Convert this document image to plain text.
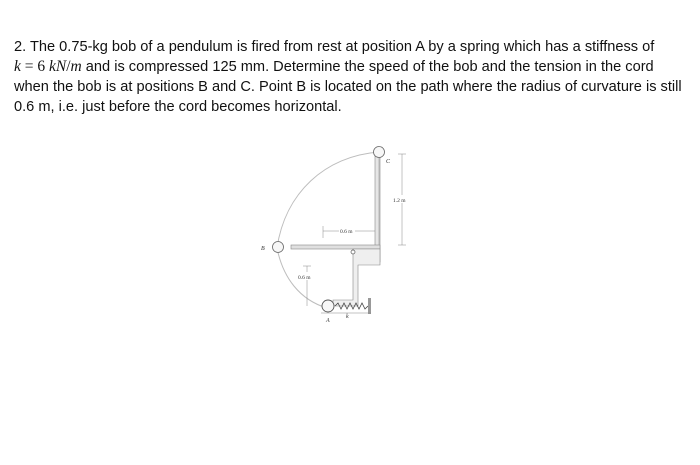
2. The 0.75-kg bob of a pendulum is fired from rest at position A by a spring which has a stiffness of
k = 6 kN/m and is compressed 125 mm. Determine the speed of the bob and the tension in the cord when the bob is at positions B and C. Point B is located on the path where the radius of curvature is still 0.6 m, i.e. just before the cord becomes horizontal.

0.6 m
0.6 m
1.2 m
B
C
A
k
